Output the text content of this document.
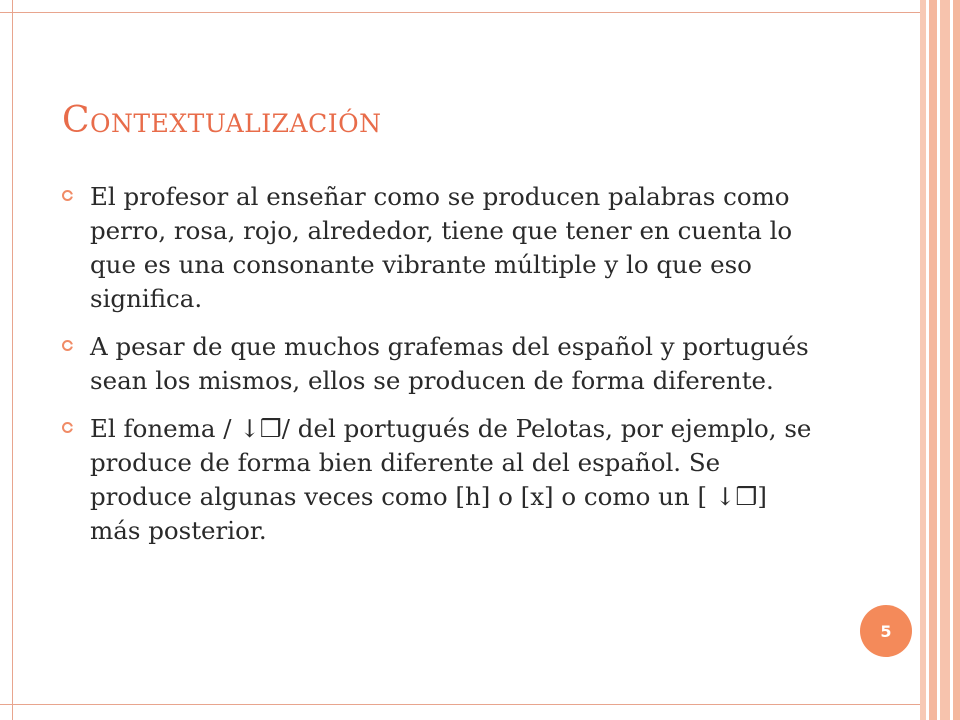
Contextualización
El profesor al enseñar como se producen palabras como perro, rosa, rojo, alrededor, tiene que tener en cuenta lo que es una consonante vibrante múltiple y lo que eso significa.
A pesar de que muchos grafemas del español y portugués sean los mismos, ellos se producen de forma diferente.
El fonema / ↓❒/ del portugués de Pelotas, por ejemplo, se produce de forma bien diferente al del español. Se produce algunas veces como [h] o [x] o como un [ ↓❒] más posterior.
5
